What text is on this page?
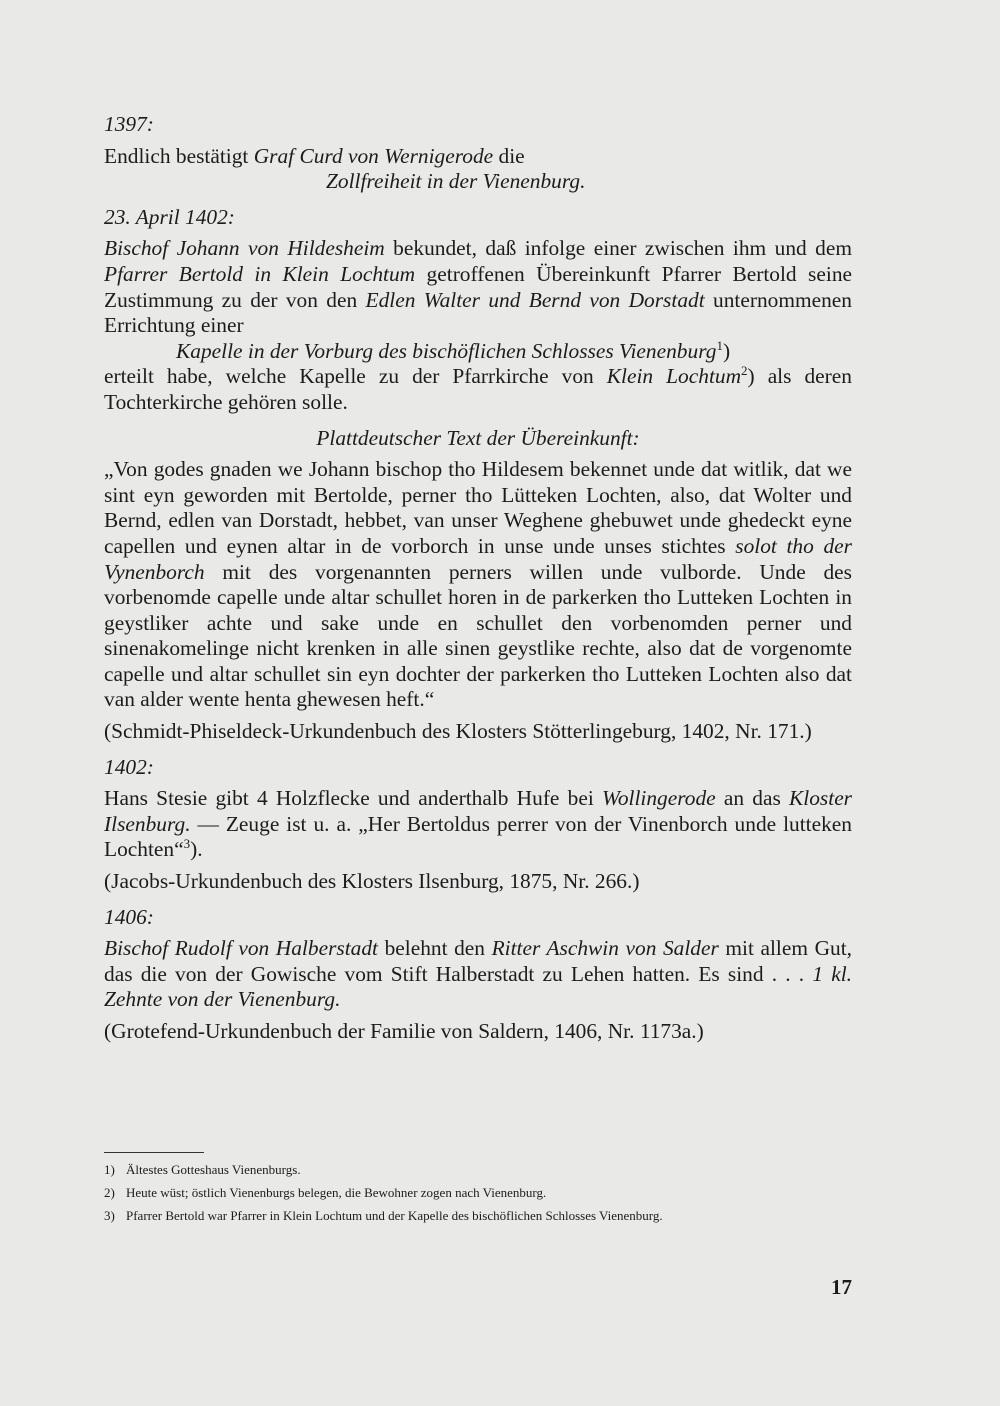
1397:

Endlich bestätigt Graf Curd von Wernigerode die

Zollfreiheit in der Vienenburg.

23. April 1402:

Bischof Johann von Hildesheim bekundet, daß infolge einer zwischen ihm und dem Pfarrer Bertold in Klein Lochtum getroffenen Übereinkunft Pfarrer Bertold seine Zustimmung zu der von den Edlen Walter und Bernd von Dorstadt unternommenen Errichtung einer

Kapelle in der Vorburg des bischöflichen Schlosses Vienenburg$^1$)

erteilt habe, welche Kapelle zu der Pfarrkirche von Klein Lochtum$^2$) als deren Tochterkirche gehören solle.

Plattdeutscher Text der Übereinkunft:

„Von godes gnaden we Johann bischop tho Hildesem bekennet unde dat witlik, dat we sint eyn geworden mit Bertolde, perner tho Lütteken Lochten, also, dat Wolter und Bernd, edlen van Dorstadt, hebbet, van unser Weghene ghebuwet unde ghedeckt eyne capellen und eynen altar in de vorborch in unse unde unses stichtes solot tho der Vynenborch mit des vorgenannten perners willen unde vulborde. Unde des vorbenomde capelle unde altar schullet horen in de parkerken tho Lutteken Lochten in geystliker achte und sake unde en schullet den vorbenomden perner und sinenakomelinge nicht krenken in alle sinen geystlike rechte, also dat de vorgenomte capelle und altar schullet sin eyn dochter der parkerken tho Lutteken Lochten also dat van alder wente henta ghewesen heft.“

(Schmidt-Phiseldeck-Urkundenbuch des Klosters Stötterlingeburg, 1402, Nr. 171.)

1402:

Hans Stesie gibt 4 Holzflecke und anderthalb Hufe bei Wollingerode an das Kloster Ilsenburg. — Zeuge ist u. a. „Her Bertoldus perrer von der Vinenborch unde lutteken Lochten“$^3$).

(Jacobs-Urkundenbuch des Klosters Ilsenburg, 1875, Nr. 266.)

1406:

Bischof Rudolf von Halberstadt belehnt den Ritter Aschwin von Salder mit allem Gut, das die von der Gowische vom Stift Halberstadt zu Lehen hatten. Es sind . . . 1 kl. Zehnte von der Vienenburg.

(Grotefend-Urkundenbuch der Familie von Saldern, 1406, Nr. 1173a.)

1) Ältestes Gotteshaus Vienenburgs.
2) Heute wüst; östlich Vienenburgs belegen, die Bewohner zogen nach Vienenburg.
3) Pfarrer Bertold war Pfarrer in Klein Lochtum und der Kapelle des bischöflichen Schlosses Vienenburg.
17
